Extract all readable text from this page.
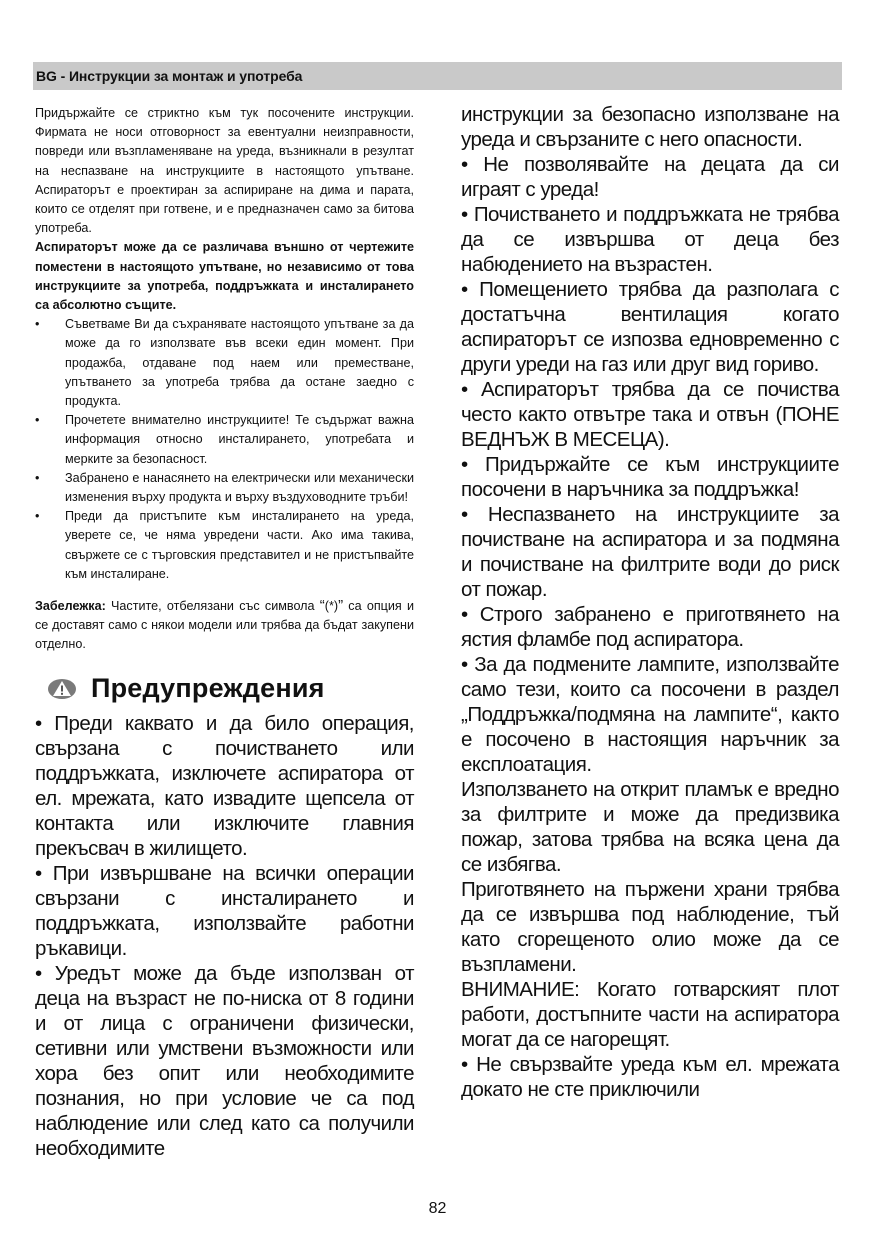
BG - Инструкции за монтаж и употреба

Придържайте се стриктно към тук посочените инструкции. Фирмата не носи отговорност за евентуални неизправности, повреди или възпламеняване на уреда, възникнали в резултат на неспазване на инструкциите в настоящото упътване. Аспираторът е проектиран за аспириране на дима и парата, които се отделят при готвене, и е предназначен само за битова употреба.

Аспираторът може да се различава външно от чертежите поместени в настоящото упътване, но независимо от това инструкциите за употреба, поддръжката и инсталирането са абсолютно същите.

• Съветваме Ви да съхранявате настоящото упътване за да може да го използвате във всеки един момент. При продажба, отдаване под наем или преместване, упътването за употреба трябва да остане заедно с продукта.
• Прочетете внимателно инструкциите! Те съдържат важна информация относно инсталирането, употребата и мерките за безопасност.
• Забранено е нанасянето на електрически или механически изменения върху продукта и върху въздуховодните тръби!
• Преди да пристъпите към инсталирането на уреда, уверете се, че няма увредени части. Ако има такива, свържете се с търговския представител и не пристъпвайте към инсталиране.

Забележка: Частите, отбелязани със символа “(*)” са опция и се доставят само с някои модели или трябва да бъдат закупени отделно.

Предупреждения

• Преди каквато и да било операция, свързана с почистването или поддръжката, изключете аспиратора от ел. мрежата, като извадите щепсела от контакта или изключите главния прекъсвач в жилището.

• При извършване на всички операции свързани с инсталирането и поддръжката, използвайте работни ръкавици.

• Уредът може да бъде използван от деца на възраст не по-ниска от 8 години и от лица с ограничени физически, сетивни или умствени възможности или хора без опит или необходимите познания, но при условие че са под наблюдение или след като са получили необходимите

инструкции за безопасно използване на уреда и свързаните с него опасности.

• Не позволявайте на децата да си играят с уреда!

• Почистването и поддръжката не трябва да се извършва от деца без набюдението на възрастен.

• Помещението трябва да разполага с достатъчна вентилация когато аспираторът се изпозва едновременно с други уреди на газ или друг вид гориво.

• Аспираторът трябва да се почиства често както отвътре така и отвън (ПОНЕ ВЕДНЪЖ В МЕСЕЦА).

• Придържайте се към инструкциите посочени в наръчника за поддръжка!

• Неспазването на инструкциите за почистване на аспиратора и за подмяна и почистване на филтрите води до риск от пожар.

• Строго забранено е приготвянето на ястия фламбе под аспиратора.

• За да подмените лампите, използвайте само тези, които са посочени в раздел „Поддръжка/подмяна на лампите“, както е посочено в настоящия наръчник за експлоатация.

Използването на открит пламък е вредно за филтрите и може да предизвика пожар, затова трябва на всяка цена да се избягва.

Приготвянето на пържени храни трябва да се извършва под наблюдение, тъй като сгорещеното олио може да се възпламени.

ВНИМАНИЕ: Когато готварският плот работи, достъпните части на аспиратора могат да се нагорещят.

• Не свързвайте уреда към ел. мрежата докато не сте приключили

82
